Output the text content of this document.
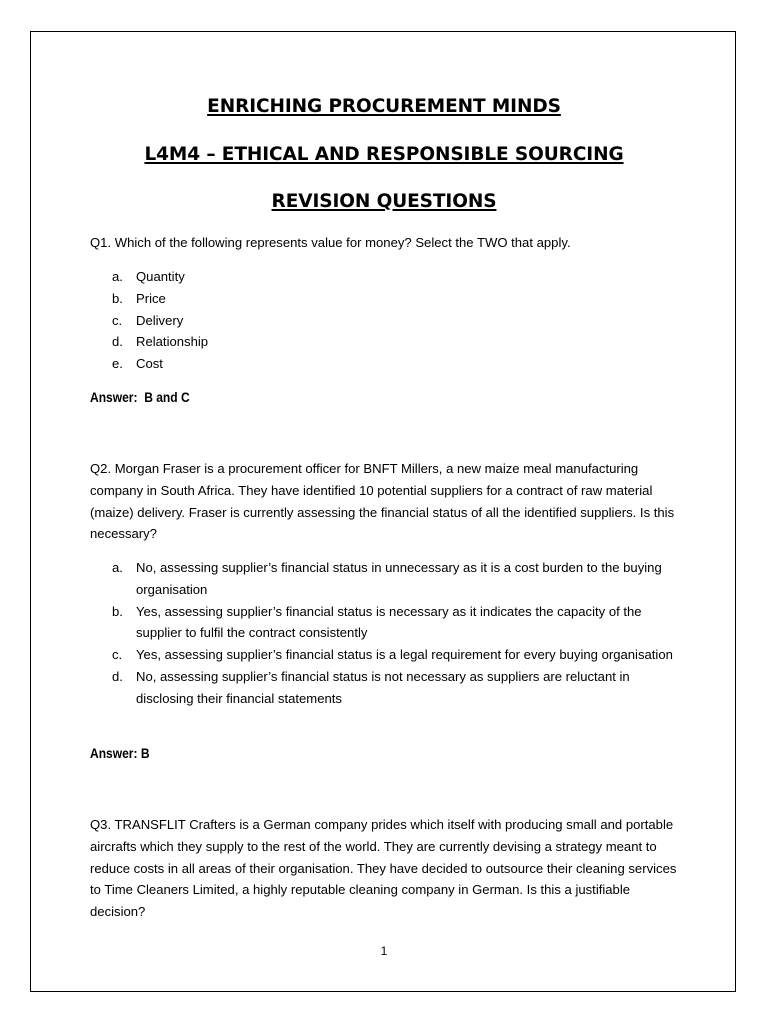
ENRICHING PROCUREMENT MINDS
L4M4 – ETHICAL AND RESPONSIBLE SOURCING
REVISION QUESTIONS
Q1. Which of the following represents value for money? Select the TWO that apply.
a. Quantity
b. Price
c. Delivery
d. Relationship
e. Cost
Answer:  B and C
Q2. Morgan Fraser is a procurement officer for BNFT Millers, a new maize meal manufacturing company in South Africa. They have identified 10 potential suppliers for a contract of raw material (maize) delivery. Fraser is currently assessing the financial status of all the identified suppliers. Is this necessary?
a. No, assessing supplier’s financial status in unnecessary as it is a cost burden to the buying organisation
b. Yes, assessing supplier’s financial status is necessary as it indicates the capacity of the supplier to fulfil the contract consistently
c. Yes, assessing supplier’s financial status is a legal requirement for every buying organisation
d. No, assessing supplier’s financial status is not necessary as suppliers are reluctant in disclosing their financial statements
Answer: B
Q3. TRANSFLIT Crafters is a German company prides which itself with producing small and portable aircrafts which they supply to the rest of the world. They are currently devising a strategy meant to reduce costs in all areas of their organisation. They have decided to outsource their cleaning services to Time Cleaners Limited, a highly reputable cleaning company in German. Is this a justifiable decision?
1
